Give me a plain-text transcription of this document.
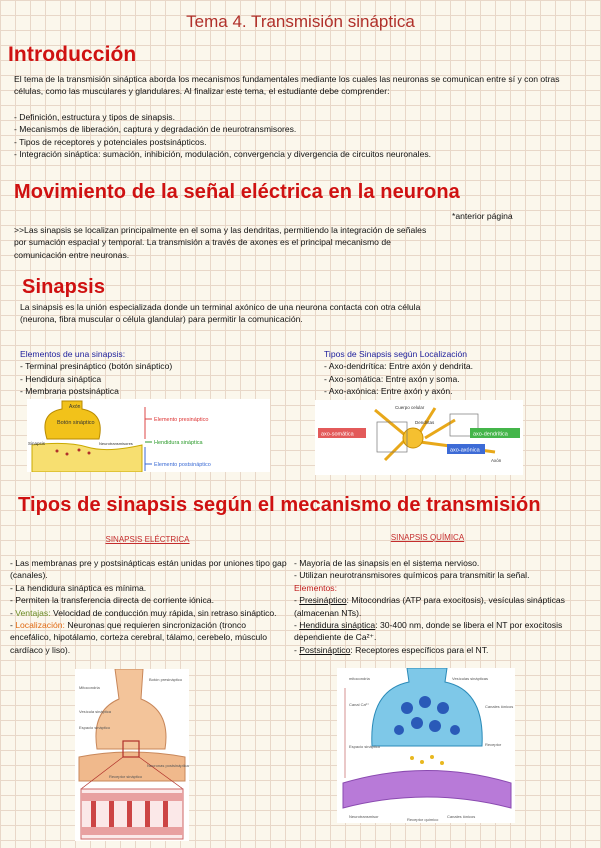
Tema 4. Transmisión sináptica
Introducción

El tema de la transmisión sináptica aborda los mecanismos fundamentales mediante los cuales las neuronas se comunican entre sí y con otras células, como las musculares y glandulares. Al finalizar este tema, el estudiante debe comprender:

- Definición, estructura y tipos de sinapsis.

- Mecanismos de liberación, captura y degradación de neurotransmisores.

- Tipos de receptores y potenciales postsinápticos.

- Integración sináptica: sumación, inhibición, modulación, convergencia y divergencia de circuitos neuronales.

Movimiento de la señal eléctrica en la neurona
*anterior página
>>Las sinapsis se localizan principalmente en el soma y las dendritas, permitiendo la integración de señales por sumación espacial y temporal. La transmisión a través de axones es el principal mecanismo de comunicación entre neuronas.
Sinapsis
La sinapsis es la unión especializada donde un terminal axónico de una neurona contacta con otra célula (neurona, fibra muscular o célula glandular) para permitir la comunicación.

Elementos de una sinapsis:

- Terminal presináptico (botón sináptico)

- Hendidura sináptica

- Membrana postsináptica

Tipos de Sinapsis según Localización

- Axo-dendrítica: Entre axón y dendrita.

- Axo-somática: Entre axón y soma.

- Axo-axónica: Entre axón y axón.

Axón
Botón sináptico
Sinapsis	Neurotransmisores
Elemento presináptico
Hendidura sináptica
Elemento postsináptico
axo-somática	axo-dendrítica
axo-axónica
Cuerpo celular
Dendritas
Axón
Tipos de sinapsis según el mecanismo de transmisión
SINAPSIS ELÉCTRICA	SINAPSIS QUÍMICA

- Las membranas pre y postsinápticas están unidas por uniones tipo gap (canales).

- La hendidura sináptica es mínima.

- Permiten la transferencia directa de corriente iónica.

- Ventajas: Velocidad de conducción muy rápida, sin retraso sináptico.

- Localización: Neuronas que requieren sincronización (tronco encefálico, hipotálamo, corteza cerebral, tálamo, cerebelo, músculo cardíaco y liso).

- Mayoría de las sinapsis en el sistema nervioso.

- Utilizan neurotransmisores químicos para transmitir la señal.

Elementos:

- Presináptico: Mitocondrias (ATP para exocitosis), vesículas sinápticas (almacenan NTs).

- Hendidura sináptica: 30-400 nm, donde se libera el NT por exocitosis dependiente de Ca²⁺.

- Postsináptico: Receptores específicos para el NT.

Mitocondria
Botón presináptico
Vesícula sináptica
Espacio sináptico
Neuronas postsinápticas
Receptor sináptico
mitocondria	Vesículas sinápticas
Canal Ca²⁺	Canales iónicos
Espacio sináptico	Receptor
Neurotransmisor	Canales iónicos
Receptor químico
